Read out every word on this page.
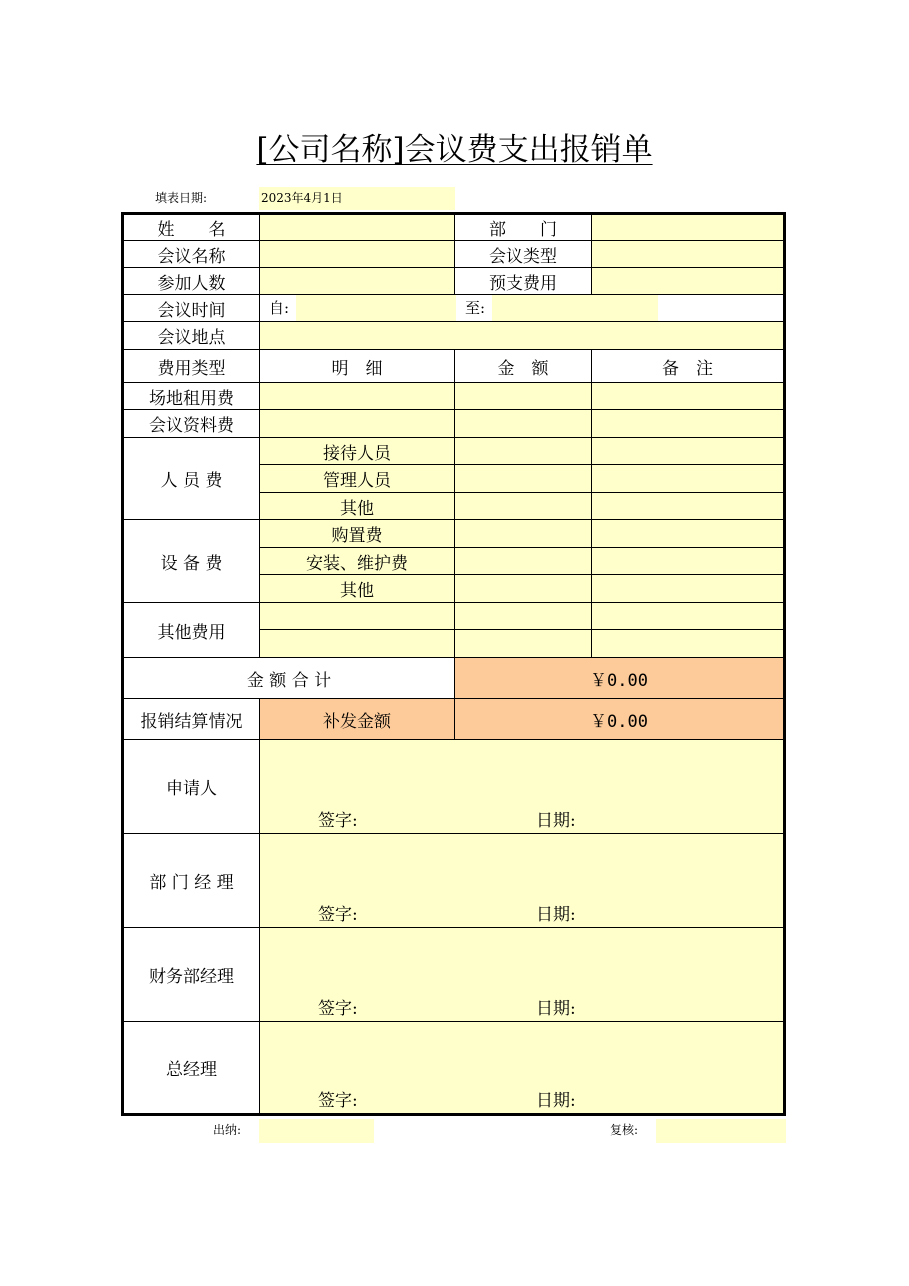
[公司名称]会议费支出报销单
填表日期:	2023年4月1日
姓　　名		部　　门	
会议名称		会议类型	
参加人数		预支费用	
会议时间	自: 至:		

会议地点			
费用类型	明　细	金　额	备　注
场地租用费			
会议资料费			
人 员 费	接待人员		
	管理人员		
	其他		
设 备 费	购置费		
	安装、维护费		
	其他		
其他费用			

金 额 合 计		￥0.00	
报销结算情况	补发金额	￥0.00	
申请人	签字: 日期:		

部 门 经 理	签字: 日期:		

财务部经理	签字: 日期:		

总经理	签字: 日期:		
出纳:	复核:
